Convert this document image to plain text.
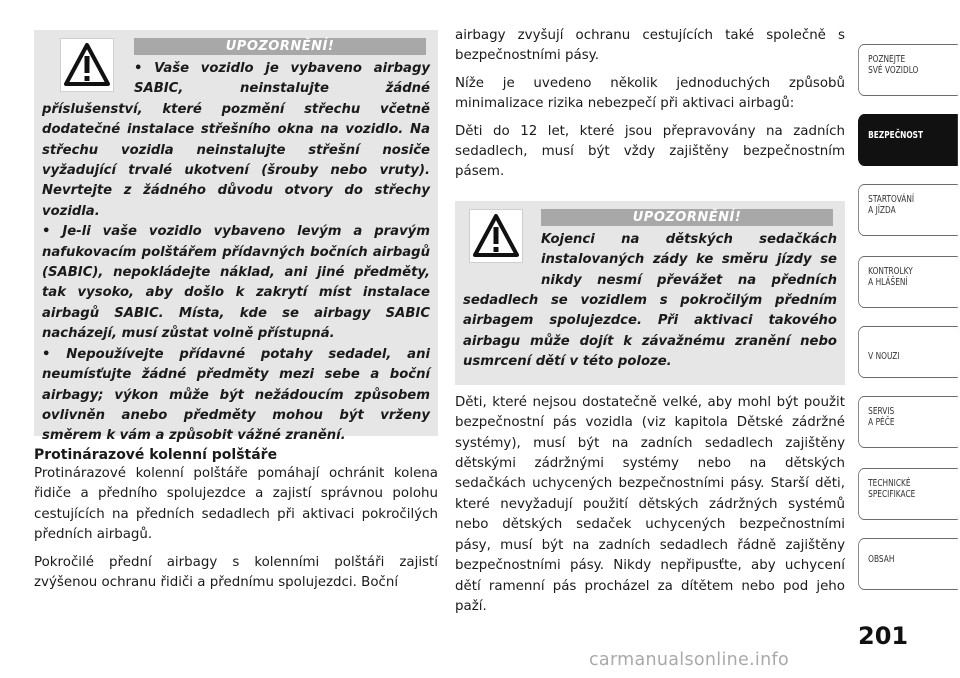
UPOZORNĚNÍ!
• Vaše vozidlo je vybaveno airbagy SABIC, neinstalujte žádné příslušenství, které pozmění střechu včetně dodatečné instalace střešního okna na vozidlo. Na střechu vozidla neinstalujte střešní nosiče vyžadující trvalé ukotvení (šrouby nebo vruty). Nevrtejte z žádného důvodu otvory do střechy vozidla.
• Je-li vaše vozidlo vybaveno levým a pravým nafukovacím polštářem přídavných bočních airbagů (SABIC), nepokládejte náklad, ani jiné předměty, tak vysoko, aby došlo k zakrytí míst instalace airbagů SABIC. Místa, kde se airbagy SABIC nacházejí, musí zůstat volně přístupná.
• Nepoužívejte přídavné potahy sedadel, ani neumísťujte žádné předměty mezi sebe a boční airbagy; výkon může být nežádoucím způsobem ovlivněn anebo předměty mohou být vrženy směrem k vám a způsobit vážné zranění.
Protinárazové kolenní polštáře

Protinárazové kolenní polštáře pomáhají ochránit kolena řidiče a předního spolujezdce a zajistí správnou polohu cestujících na předních sedadlech při aktivaci pokročilých předních airbagů.

Pokročilé přední airbagy s kolenními polštáři zajistí zvýšenou ochranu řidiči a přednímu spolujezdci. Boční

airbagy zvyšují ochranu cestujících také společně s bezpečnostními pásy.

Níže je uvedeno několik jednoduchých způsobů minimalizace rizika nebezpečí při aktivaci airbagů:

Děti do 12 let, které jsou přepravovány na zadních sedadlech, musí být vždy zajištěny bezpečnostním pásem.

UPOZORNĚNÍ!
Kojenci na dětských sedačkách instalovaných zády ke směru jízdy se nikdy nesmí převážet na předních sedadlech se vozidlem s pokročilým předním airbagem spolujezdce. Při aktivaci takového airbagu může dojít k závažnému zranění nebo usmrcení dětí v této poloze.

Děti, které nejsou dostatečně velké, aby mohl být použit bezpečnostní pás vozidla (viz kapitola Dětské zádržné systémy), musí být na zadních sedadlech zajištěny dětskými zádržnými systémy nebo na dětských sedačkách uchycených bezpečnostními pásy. Starší děti, které nevyžadují použití dětských zádržných systémů nebo dětských sedaček uchycených bezpečnostními pásy, musí být na zadních sedadlech řádně zajištěny bezpečnostními pásy. Nikdy nepřipusťte, aby uchycení dětí ramenní pás procházel za dítětem nebo pod jeho paží.

POZNEJTE
SVÉ VOZIDLO
BEZPEČNOST
STARTOVÁNÍ
A JÍZDA
KONTROLKY
A HLÁŠENÍ
V NOUZI
SERVIS
A PÉČE
TECHNICKÉ
SPECIFIKACE
OBSAH
201
carmanualsonline.info
